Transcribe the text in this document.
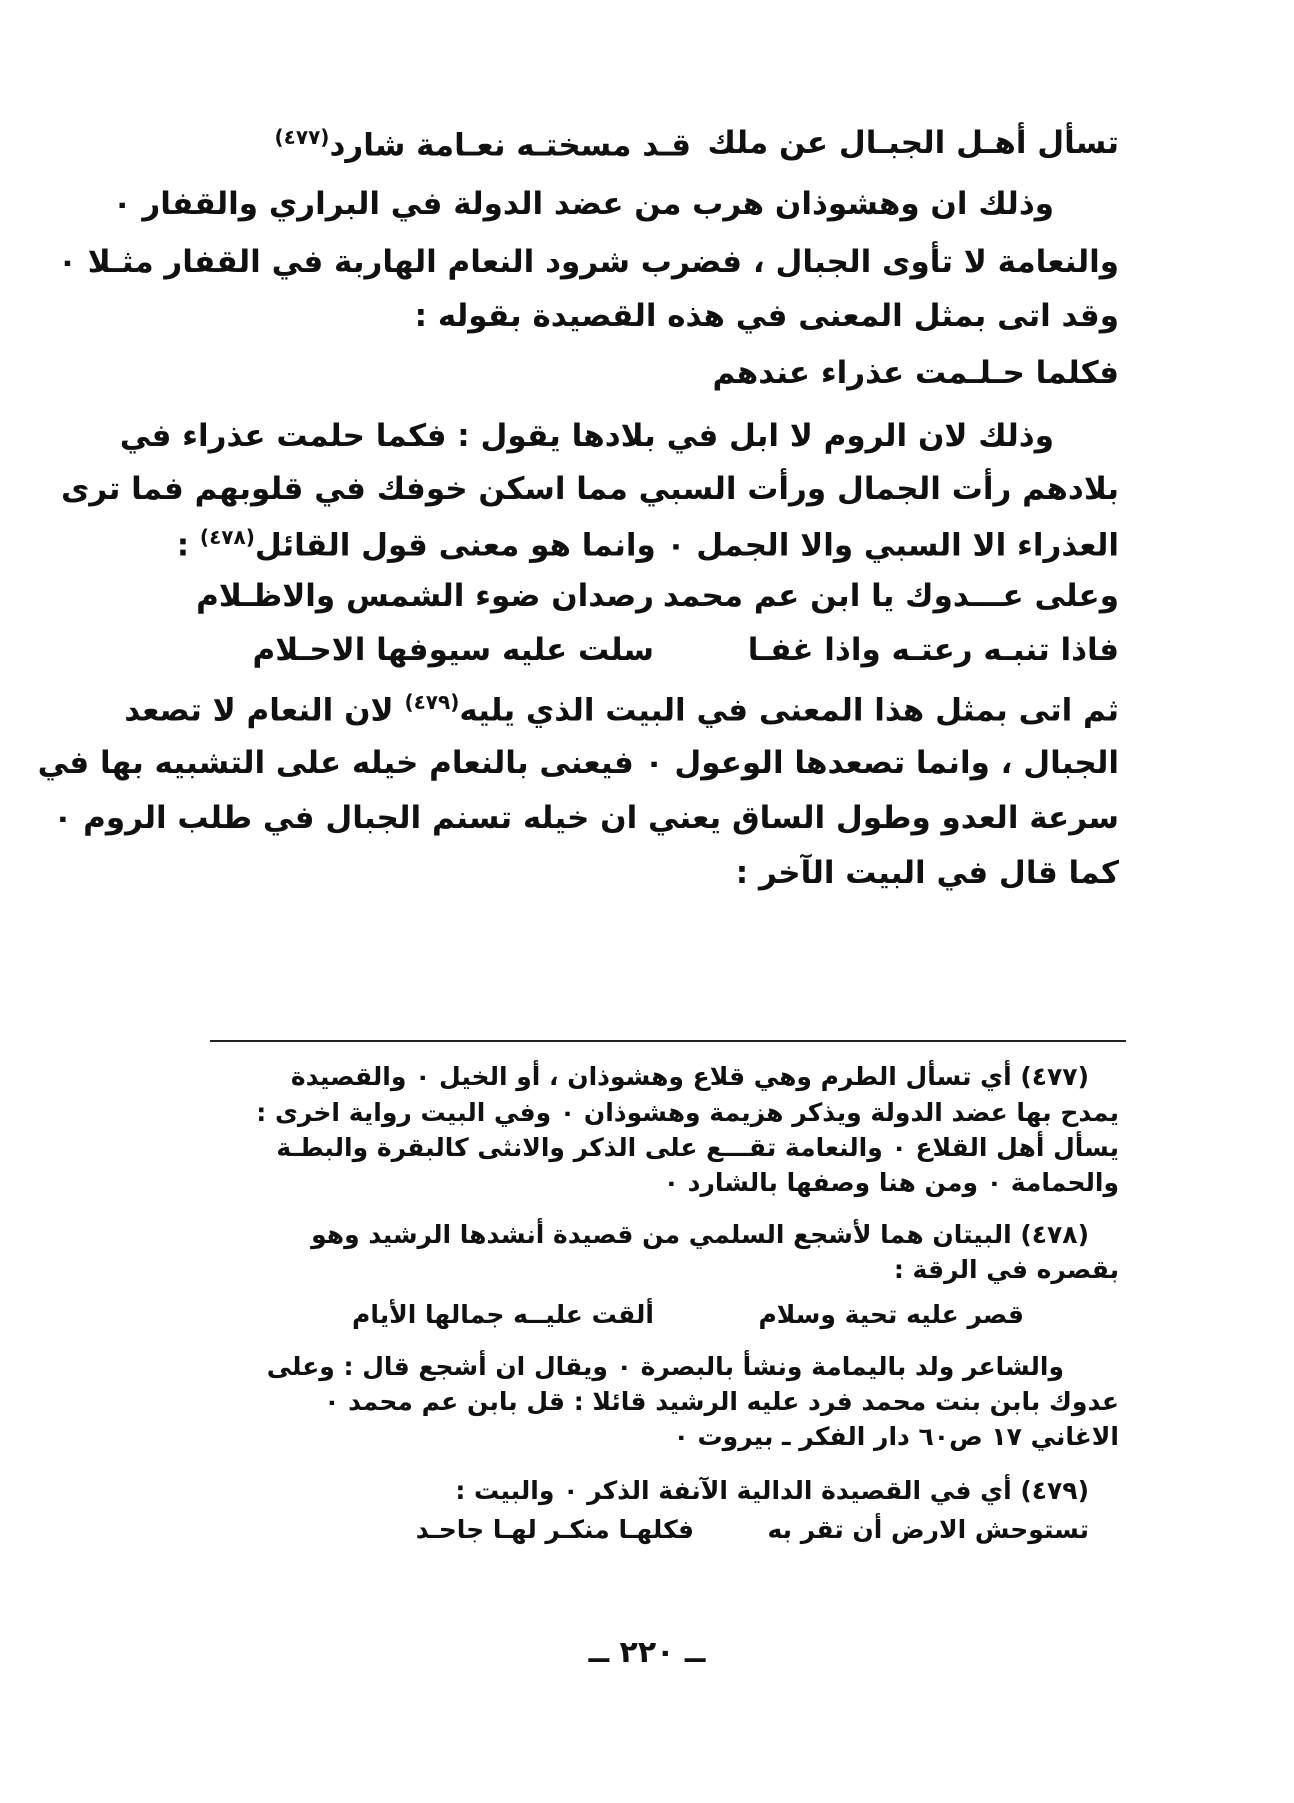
تسأل أهـل الجبـال عن ملك
قـد مسختـه نعـامة شارد$^{(٤٧٧)}$
وذلك ان وهشوذان هرب من عضد الدولة في البراري والقفار ٠
والنعامة لا تأوى الجبال ، فضرب شرود النعام الهاربة في القفار مثـلا ٠
وقد اتى بمثل المعنى في هذه القصيدة بقوله :
فكلما حـلـمت عذراء عندهم
وذلك لان الروم لا ابل في بلادها يقول : فكما حلمت عذراء في
بلادهم رأت الجمال ورأت السبي مما اسكن خوفك في قلوبهم فما ترى
العذراء الا السبي والا الجمل ٠ وانما هو معنى قول القائل$^{(٤٧٨)}$ :
وعلى عـــدوك يا ابن عم محمد
رصدان ضوء الشمس والاظـلام
فاذا تنبـه رعتـه واذا غفـا
سلت عليه سيوفها الاحـلام
ثم اتى بمثل هذا المعنى في البيت الذي يليه$^{(٤٧٩)}$ لان النعام لا تصعد
الجبال ، وانما تصعدها الوعول ٠ فيعنى بالنعام خيله على التشبيه بها في
سرعة العدو وطول الساق يعني ان خيله تسنم الجبال في طلب الروم ٠
كما قال في البيت الآخر :
(٤٧٧) أي تسأل الطرم وهي قلاع وهشوذان ، أو الخيل ٠ والقصيدة
يمدح بها عضد الدولة ويذكر هزيمة وهشوذان ٠ وفي البيت رواية اخرى :
يسأل أهل القلاع ٠ والنعامة تقـــع على الذكر والانثى كالبقرة والبطـة
والحمامة ٠ ومن هنا وصفها بالشارد ٠
(٤٧٨) البيتان هما لأشجع السلمي من قصيدة أنشدها الرشيد وهو
بقصره في الرقة :
قصر عليه تحية وسلام
ألقت عليــه جمالها الأيام
والشاعر ولد باليمامة ونشأ بالبصرة ٠ ويقال ان أشجع قال : وعلى
عدوك بابن بنت محمد فرد عليه الرشيد قائلا : قل بابن عم محمد ٠
الاغاني ١٧ ص٦٠ دار الفكر ـ بيروت ٠
(٤٧٩) أي في القصيدة الدالية الآنفة الذكر ٠ والبيت :
تستوحش الارض أن تقر به
فكلهـا منكـر لهـا جاحـد
ــ ٢٢٠ ــ
